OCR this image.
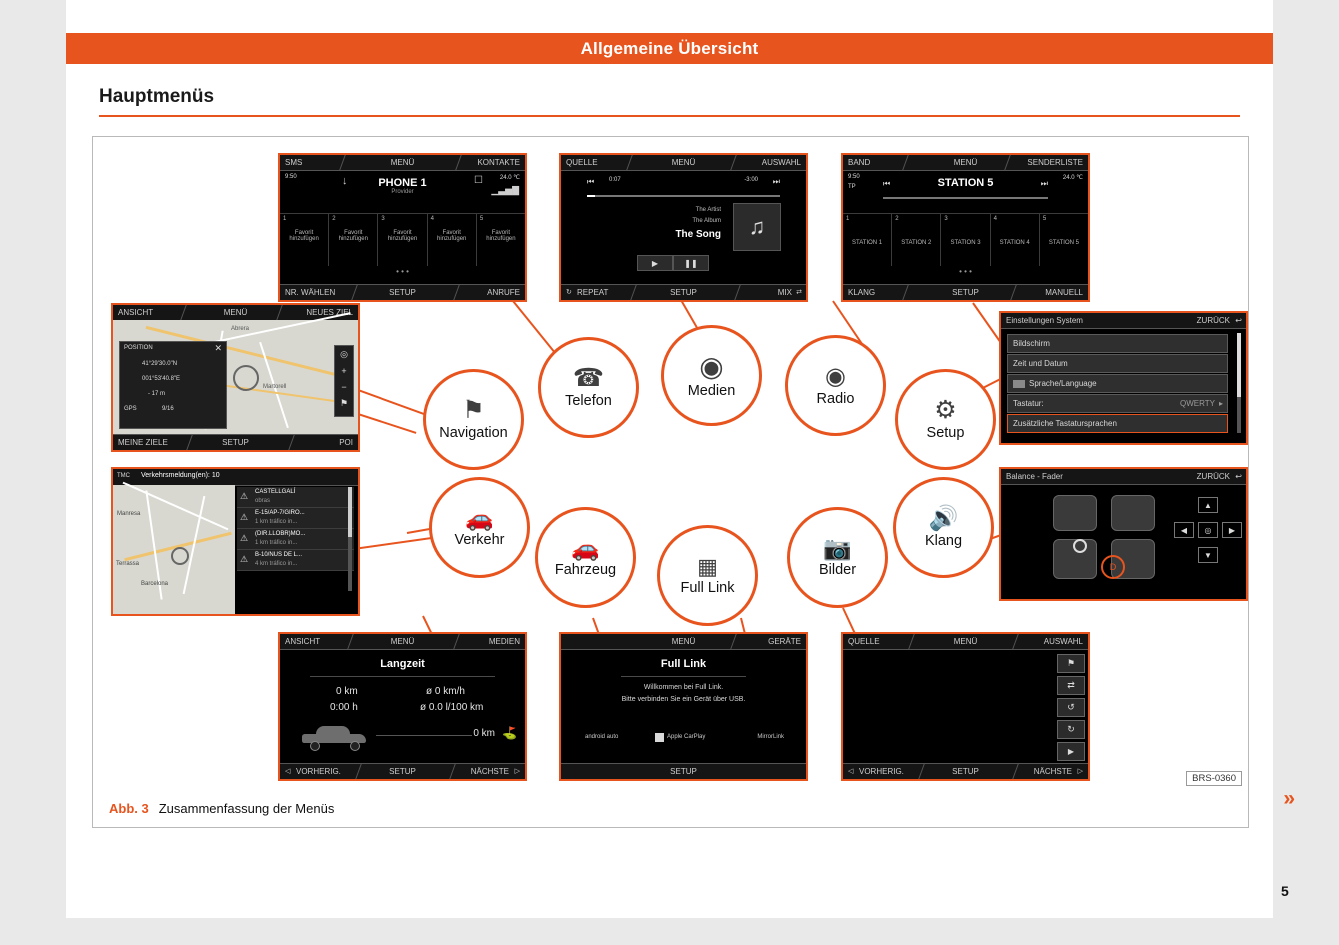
Allgemeine Übersicht
Hauptmenüs
⚑
Navigation
☎
Telefon
◉
Medien
◉
Radio	⚙
Setup
🚗
Verkehr	🚗
Fahrzeug	▦
Full Link
📷
Bilder
🔊
Klang
SMS	MENÜ	KONTAKTE
9:50	24.0 ℃
↓	PHONE 1
Provider
☐
▁▃▅▇
• • •
1
Favorit
hinzufügen
2
Favorit
hinzufügen
3
Favorit
hinzufügen
4
Favorit
hinzufügen
5
Favorit
hinzufügen
NR. WÄHLEN	SETUP	ANRUFE
QUELLE	MENÜ	AUSWAHL
0:07	-3:00
⏮	⏭
The Artist
The Album
The Song ♫
▶	❚❚
REPEAT
↻	SETUP	MIX ⇄
BAND	MENÜ	SENDERLISTE
9:50
TP
24.0 ℃
⏮	⏭
STATION 5
• • •
1
STATION 1
2
STATION 2
3
STATION 3
4
STATION 4
5
STATION 5
KLANG	SETUP	MANUELL
ANSICHT	MENÜ	NEUES ZIEL
Abrera
Martorell
POSITION	✕
41°29'30.0"N
001°53'40.8"E
- 17 m
9/16
GPS
◎
+
−
⚑
MEINE ZIELE	SETUP	POI
TMC Verkehrsmeldung(en): 10
Manresa
Terrassa
Barcelona
⚠ CASTELLGALÍ
obras
⚠ E-15/AP-7/GIRO...
1 km tráfico in...
⚠ (DIR.LLOBR)MO...
1 km tráfico in...
⚠ B-10/NUS DE L...
4 km tráfico in...
Einstellungen System	ZURÜCK ↩
Bildschirm
Zeit und Datum
Sprache/Language
Tastatur:	QWERTY ▸
Zusätzliche Tastatursprachen
Balance - Fader	ZURÜCK ↩
D
▲
▼
◀	▶
◎
ANSICHT	MENÜ	MEDIEN
Langzeit
0 km	ø 0 km/h
0:00 h	ø 0.0 l/100 km
0 km ⛳
◁ VORHERIG.	SETUP	NÄCHSTE ▷
MENÜ	GERÄTE
Full Link
Willkommen bei Full Link.
Bitte verbinden Sie ein Gerät über USB.
android auto	Apple CarPlay	MirrorLink
SETUP
QUELLE	MENÜ	AUSWAHL
⚑
⇄
↺
↻
▶
◁ VORHERIG.	SETUP	NÄCHSTE ▷
BRS-0360
Abb. 3 Zusammenfassung der Menüs	»
5
